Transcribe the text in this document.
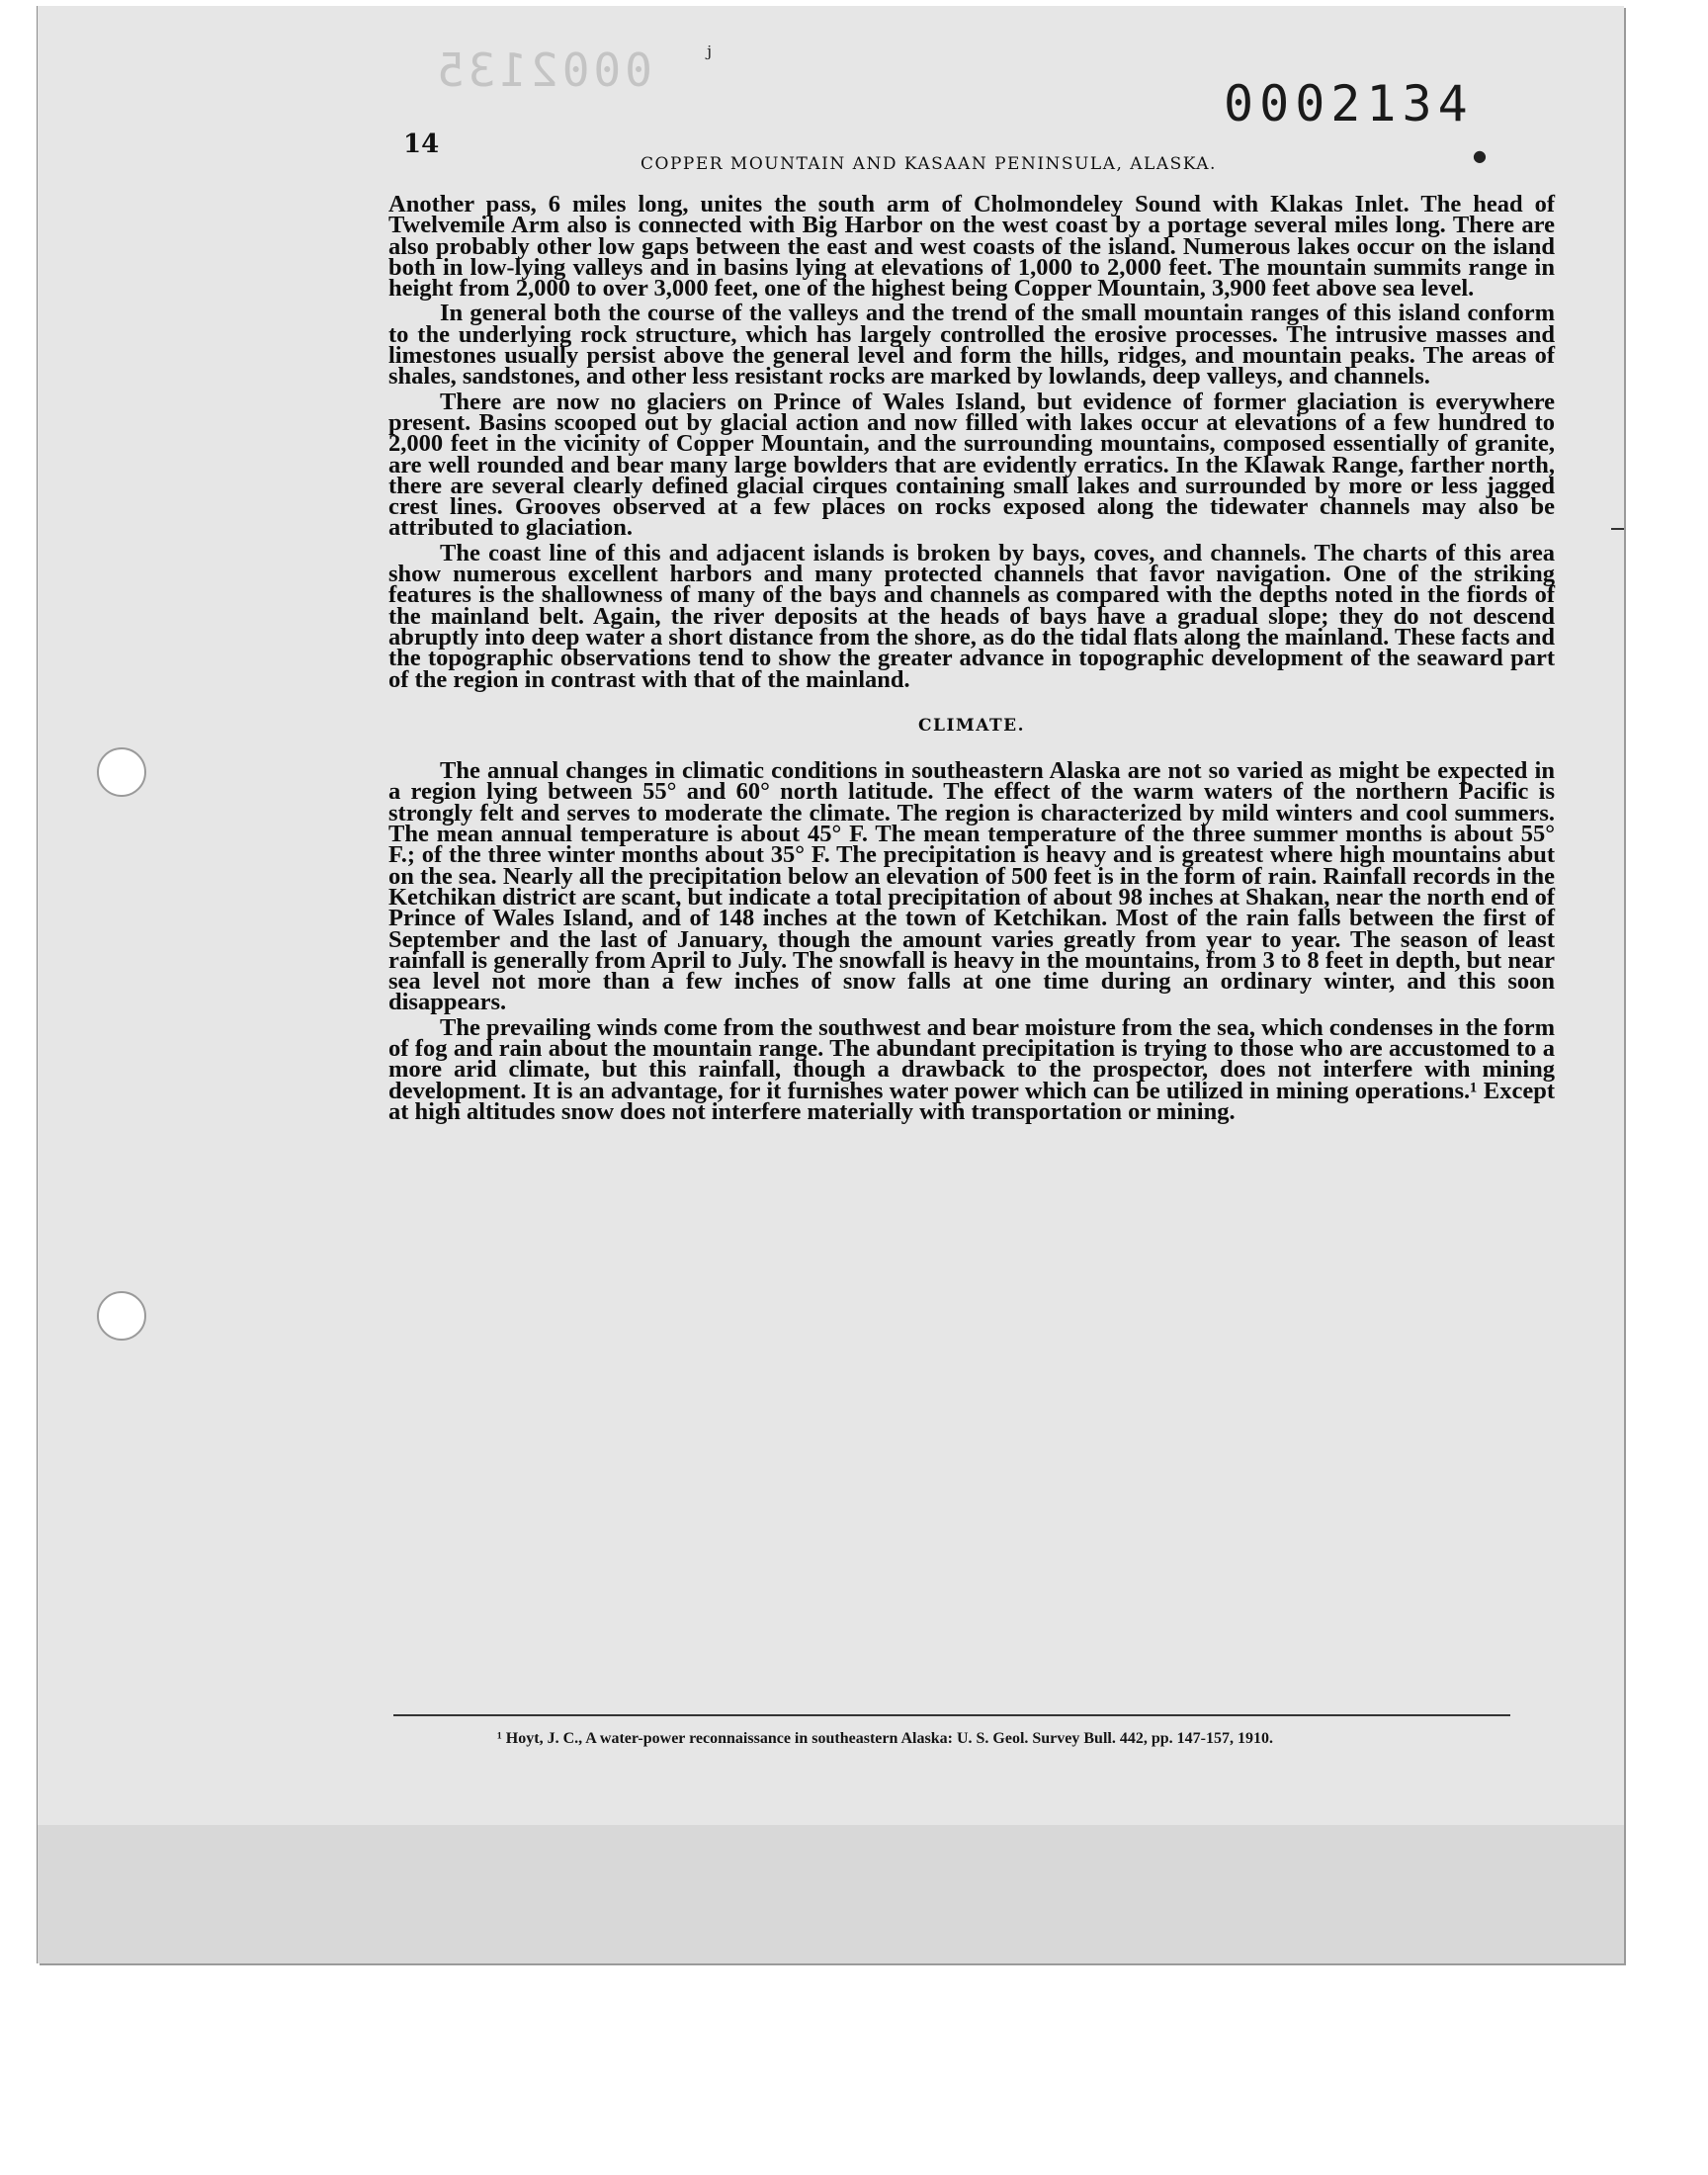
0002135 ⱼ
●
0002134
14
COPPER MOUNTAIN AND KASAAN PENINSULA, ALASKA.

Another pass, 6 miles long, unites the south arm of Cholmondeley Sound with Klakas Inlet. The head of Twelvemile Arm also is connected with Big Harbor on the west coast by a portage several miles long. There are also probably other low gaps between the east and west coasts of the island. Numerous lakes occur on the island both in low-lying valleys and in basins lying at elevations of 1,000 to 2,000 feet. The mountain summits range in height from 2,000 to over 3,000 feet, one of the highest being Copper Mountain, 3,900 feet above sea level.

In general both the course of the valleys and the trend of the small mountain ranges of this island conform to the underlying rock structure, which has largely controlled the erosive processes. The intrusive masses and limestones usually persist above the general level and form the hills, ridges, and mountain peaks. The areas of shales, sandstones, and other less resistant rocks are marked by lowlands, deep valleys, and channels.

There are now no glaciers on Prince of Wales Island, but evidence of former glaciation is everywhere present. Basins scooped out by glacial action and now filled with lakes occur at elevations of a few hundred to 2,000 feet in the vicinity of Copper Mountain, and the surrounding mountains, composed essentially of granite, are well rounded and bear many large bowlders that are evidently erratics. In the Klawak Range, farther north, there are several clearly defined glacial cirques containing small lakes and surrounded by more or less jagged crest lines. Grooves observed at a few places on rocks exposed along the tidewater channels may also be attributed to glaciation.

The coast line of this and adjacent islands is broken by bays, coves, and channels. The charts of this area show numerous excellent harbors and many protected channels that favor navigation. One of the striking features is the shallowness of many of the bays and channels as compared with the depths noted in the fiords of the mainland belt. Again, the river deposits at the heads of bays have a gradual slope; they do not descend abruptly into deep water a short distance from the shore, as do the tidal flats along the mainland. These facts and the topographic observations tend to show the greater advance in topographic development of the seaward part of the region in contrast with that of the mainland.

CLIMATE.

The annual changes in climatic conditions in southeastern Alaska are not so varied as might be expected in a region lying between 55° and 60° north latitude. The effect of the warm waters of the northern Pacific is strongly felt and serves to moderate the climate. The region is characterized by mild winters and cool summers. The mean annual temperature is about 45° F. The mean temperature of the three summer months is about 55° F.; of the three winter months about 35° F. The precipitation is heavy and is greatest where high mountains abut on the sea. Nearly all the precipitation below an elevation of 500 feet is in the form of rain. Rainfall records in the Ketchikan district are scant, but indicate a total precipitation of about 98 inches at Shakan, near the north end of Prince of Wales Island, and of 148 inches at the town of Ketchikan. Most of the rain falls between the first of September and the last of January, though the amount varies greatly from year to year. The season of least rainfall is generally from April to July. The snowfall is heavy in the mountains, from 3 to 8 feet in depth, but near sea level not more than a few inches of snow falls at one time during an ordinary winter, and this soon disappears.

The prevailing winds come from the southwest and bear moisture from the sea, which condenses in the form of fog and rain about the mountain range. The abundant precipitation is trying to those who are accustomed to a more arid climate, but this rainfall, though a drawback to the prospector, does not interfere with mining development. It is an advantage, for it furnishes water power which can be utilized in mining operations.¹ Except at high altitudes snow does not interfere materially with transportation or mining.

¹ Hoyt, J. C., A water-power reconnaissance in southeastern Alaska: U. S. Geol. Survey Bull. 442, pp. 147-157, 1910.
